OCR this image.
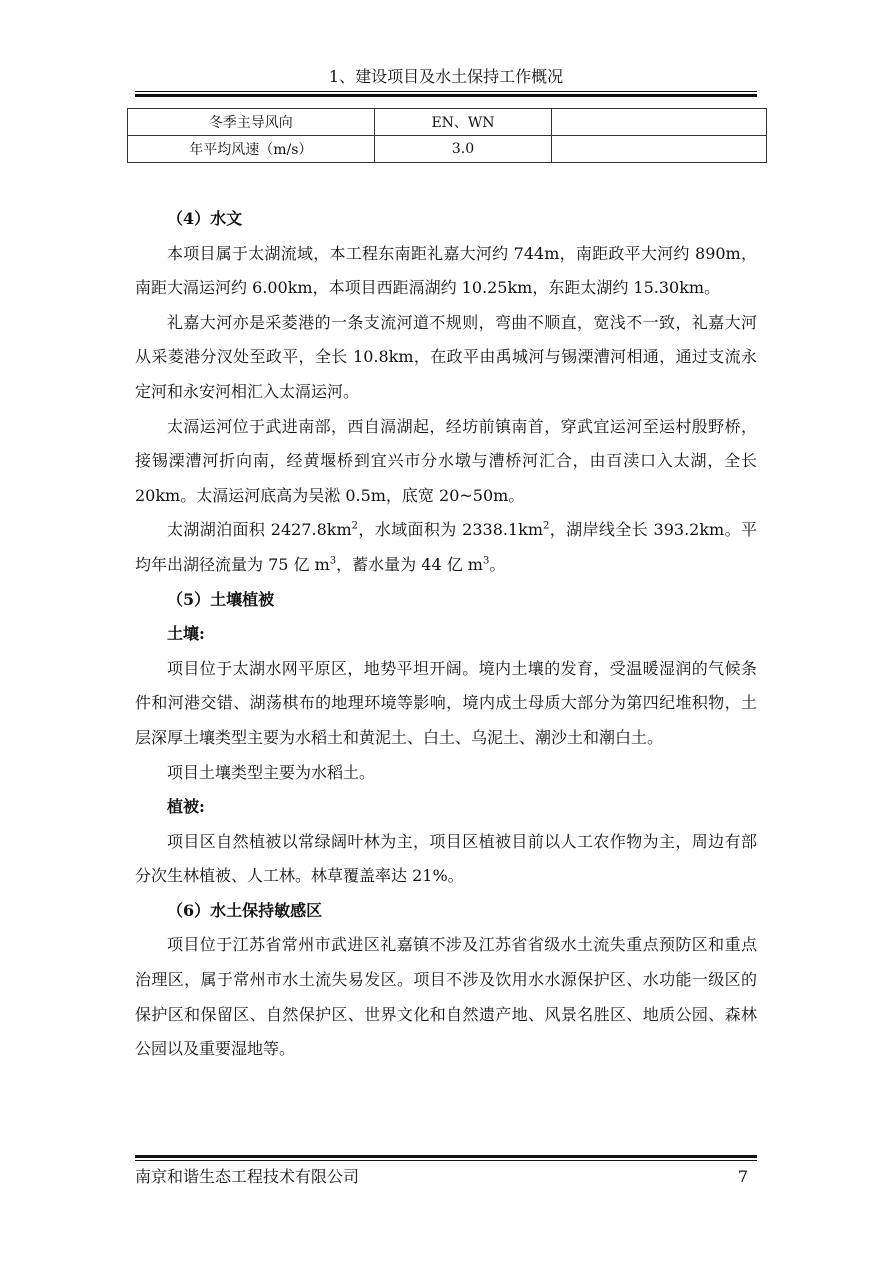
1、建设项目及水土保持工作概况
冬季主导风向	EN、WN	
年平均风速（m/s）	3.0	

（4）水文

本项目属于太湖流域，本工程东南距礼嘉大河约 744m，南距政平大河约 890m，南距大滆运河约 6.00km，本项目西距滆湖约 10.25km，东距太湖约 15.30km。

礼嘉大河亦是采菱港的一条支流河道不规则，弯曲不顺直，宽浅不一致，礼嘉大河从采菱港分汊处至政平，全长 10.8km，在政平由禹城河与锡溧漕河相通，通过支流永定河和永安河相汇入太滆运河。

太滆运河位于武进南部，西自滆湖起，经坊前镇南首，穿武宜运河至运村殷野桥，接锡溧漕河折向南，经黄堰桥到宜兴市分水墩与漕桥河汇合，由百渎口入太湖，全长 20km。太滆运河底高为吴淞 0.5m，底宽 20~50m。

太湖湖泊面积 $2427.8km^2$，水域面积为 $2338.1km^2$，湖岸线全长 393.2km。平均年出湖径流量为 75 亿 $m^3$，蓄水量为 44 亿 $m^3$。

（5）土壤植被

土壤:

项目位于太湖水网平原区，地势平坦开阔。境内土壤的发育，受温暖湿润的气候条件和河港交错、湖荡棋布的地理环境等影响，境内成土母质大部分为第四纪堆积物，土层深厚土壤类型主要为水稻土和黄泥土、白土、乌泥土、潮沙土和潮白土。

项目土壤类型主要为水稻土。

植被:

项目区自然植被以常绿阔叶林为主，项目区植被目前以人工农作物为主，周边有部分次生林植被、人工林。林草覆盖率达 21%。

（6）水土保持敏感区

项目位于江苏省常州市武进区礼嘉镇不涉及江苏省省级水土流失重点预防区和重点治理区，属于常州市水土流失易发区。项目不涉及饮用水水源保护区、水功能一级区的保护区和保留区、自然保护区、世界文化和自然遗产地、风景名胜区、地质公园、森林公园以及重要湿地等。

南京和谐生态工程技术有限公司	7
